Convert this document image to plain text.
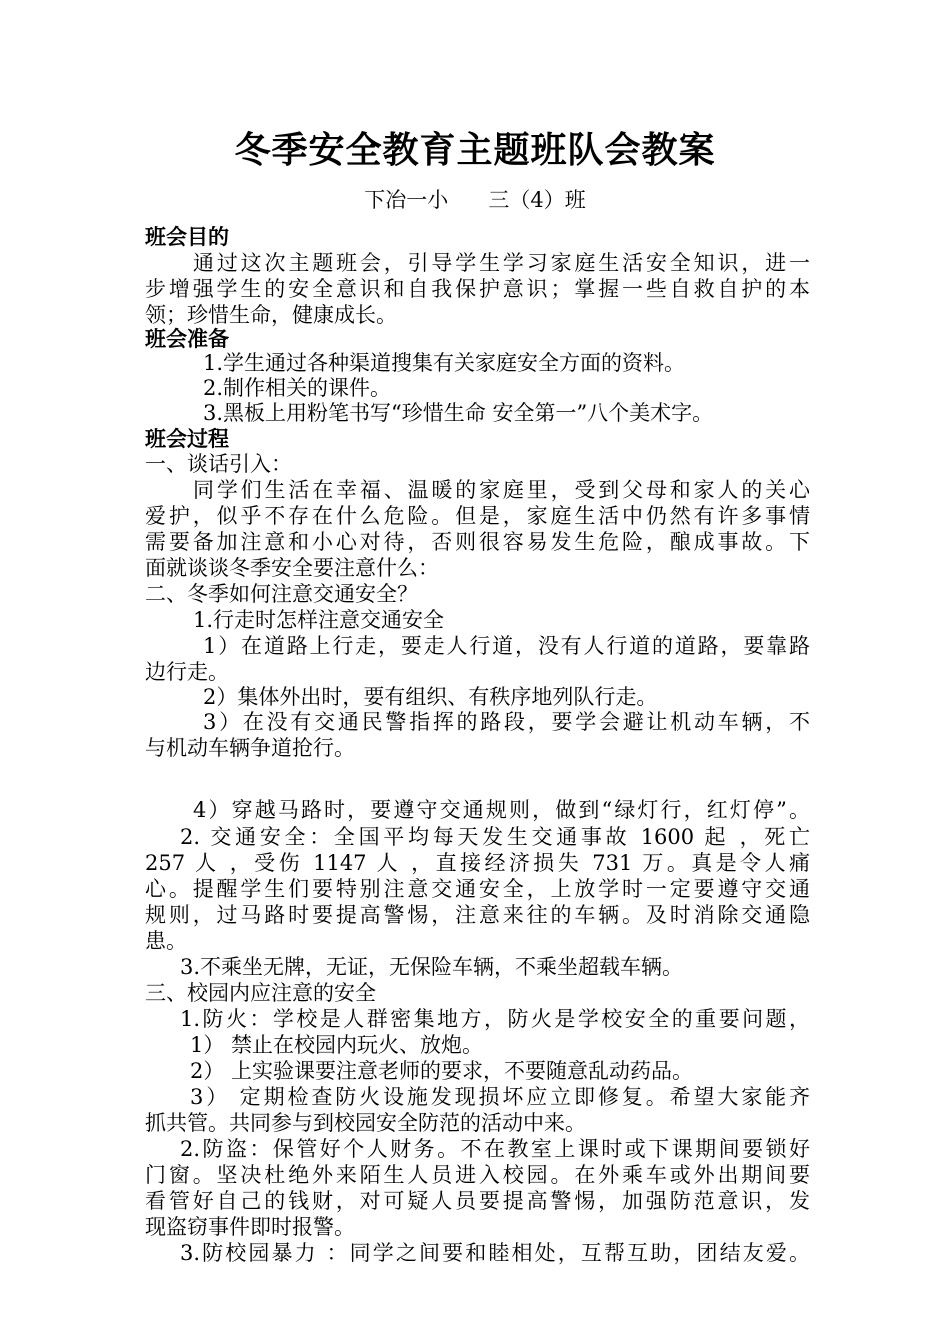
冬季安全教育主题班队会教案
下冶一小      三（4）班
班会目的
通过这次主题班会，引导学生学习家庭生活安全知识，进一
步增强学生的安全意识和自我保护意识；掌握一些自救自护的本
领；珍惜生命，健康成长。
班会准备
1.学生通过各种渠道搜集有关家庭安全方面的资料。
2.制作相关的课件。
3.黑板上用粉笔书写“珍惜生命 安全第一”八个美术字。
班会过程
一、谈话引入：
同学们生活在幸福、温暖的家庭里，受到父母和家人的关心
爱护，似乎不存在什么危险。但是，家庭生活中仍然有许多事情
需要备加注意和小心对待，否则很容易发生危险，酿成事故。下
面就谈谈冬季安全要注意什么：
二、冬季如何注意交通安全？
1.行走时怎样注意交通安全
1）在道路上行走，要走人行道，没有人行道的道路，要靠路
边行走。
2）集体外出时，要有组织、有秩序地列队行走。
3）在没有交通民警指挥的路段，要学会避让机动车辆，不
与机动车辆争道抢行。
4）穿越马路时，要遵守交通规则，做到“绿灯行，红灯停”。
2. 交通安全：全国平均每天发生交通事故 1600 起 ，死亡
257 人 ，受伤 1147 人 ，直接经济损失 731 万。真是令人痛
心。提醒学生们要特别注意交通安全，上放学时一定要遵守交通
规则，过马路时要提高警惕，注意来往的车辆。及时消除交通隐
患。
3.不乘坐无牌，无证，无保险车辆，不乘坐超载车辆。
三、校园内应注意的安全
1.防火：学校是人群密集地方，防火是学校安全的重要问题，
1） 禁止在校园内玩火、放炮。
2） 上实验课要注意老师的要求，不要随意乱动药品。
3） 定期检查防火设施发现损坏应立即修复。希望大家能齐
抓共管。共同参与到校园安全防范的活动中来。
2.防盗：保管好个人财务。不在教室上课时或下课期间要锁好
门窗。坚决杜绝外来陌生人员进入校园。在外乘车或外出期间要
看管好自己的钱财，对可疑人员要提高警惕，加强防范意识，发
现盗窃事件即时报警。
3.防校园暴力 ：同学之间要和睦相处，互帮互助，团结友爱。
